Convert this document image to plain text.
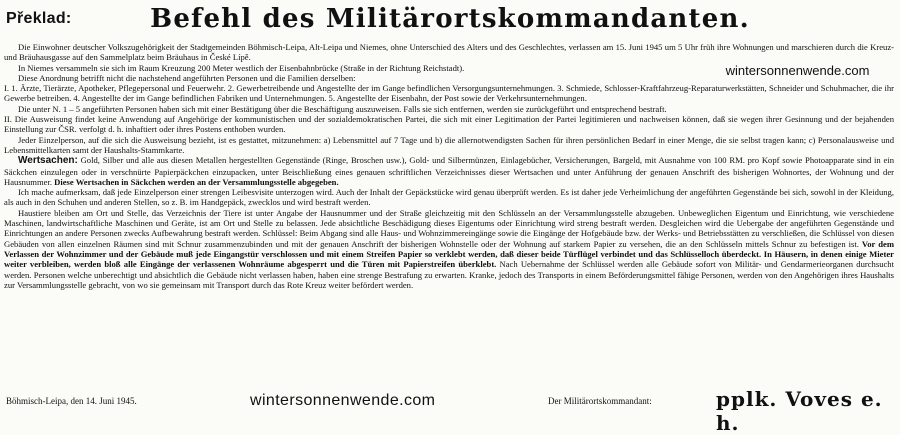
Překlad:	Befehl des Militärortskommandanten.

Die Einwohner deutscher Volkszugehörigkeit der Stadtgemeinden Böhmisch-Leipa, Alt-Leipa und Niemes, ohne Unterschied des Alters und des Geschlechtes, verlassen am 15. Juni 1945 um 5 Uhr früh ihre Wohnungen und marschieren durch die Kreuz- und Bräuhausgasse auf den Sammelplatz beim Bräuhaus in České Lípě.

In Niemes versammeln sie sich im Raum Kreuzung 200 Meter westlich der Eisenbahnbrücke (Straße in der Richtung Reichstadt).

Diese Anordnung betrifft nicht die nachstehend angeführten Personen und die Familien derselben:

I. 1. Ärzte, Tierärzte, Apotheker, Pflegepersonal und Feuerwehr. 2. Gewerbetreibende und Angestellte der im Gange befindlichen Versorgungsunternehmungen. 3. Schmiede, Schlosser-Kraftfahrzeug-Reparaturwerkstätten, Schneider und Schuhmacher, die ihr Gewerbe betreiben. 4. Angestellte der im Gange befindlichen Fabriken und Unternehmungen. 5. Angestellte der Eisenbahn, der Post sowie der Verkehrsunternehmungen.

Die unter N. 1 – 5 angeführten Personen haben sich mit einer Bestätigung über die Beschäftigung auszuweisen. Falls sie sich entfernen, werden sie zurückgeführt und entsprechend bestraft.

II. Die Ausweisung findet keine Anwendung auf Angehörige der kommunistischen und der sozialdemokratischen Partei, die sich mit einer Legitimation der Partei legitimieren und nachweisen können, daß sie wegen ihrer Gesinnung und der bejahenden Einstellung zur ČSR. verfolgt d. h. inhaftiert oder ihres Postens enthoben wurden.

Jeder Einzelperson, auf die sich die Ausweisung bezieht, ist es gestattet, mitzunehmen: a) Lebensmittel auf 7 Tage und b) die allernotwendigsten Sachen für ihren persönlichen Bedarf in einer Menge, die sie selbst tragen kann; c) Personalausweise und Lebensmittelkarten samt der Haushalts-Stammkarte.

Wertsachen: Gold, Silber und alle aus diesen Metallen hergestellten Gegenstände (Ringe, Broschen usw.), Gold- und Silbermünzen, Einlagebücher, Versicherungen, Bargeld, mit Ausnahme von 100 RM. pro Kopf sowie Photoapparate sind in ein Säckchen einzulegen oder in verschnürte Papierpäckchen einzupacken, unter Beischließung eines genauen schriftlichen Verzeichnisses dieser Wertsachen und unter Anführung der genauen Anschrift des bisherigen Wohnortes, der Wohnung und der Hausnummer. Diese Wertsachen in Säckchen werden an der Versammlungsstelle abgegeben.

Ich mache aufmerksam, daß jede Einzelperson einer strengen Leibesvisite unterzogen wird. Auch der Inhalt der Gepäckstücke wird genau überprüft werden. Es ist daher jede Verheimlichung der angeführten Gegenstände bei sich, sowohl in der Kleidung, als auch in den Schuhen und anderen Stellen, so z. B. im Handgepäck, zwecklos und wird bestraft werden.

Haustiere bleiben am Ort und Stelle, das Verzeichnis der Tiere ist unter Angabe der Hausnummer und der Straße gleichzeitig mit den Schlüsseln an der Versammlungsstelle abzugeben. Unbeweglichen Eigentum und Einrichtung, wie verschiedene Maschinen, landwirtschaftliche Maschinen und Geräte, ist am Ort und Stelle zu belassen. Jede absichtliche Beschädigung dieses Eigentums oder Einrichtung wird streng bestraft werden. Desgleichen wird die Uebergabe der angeführten Gegenstände und Einrichtungen an andere Personen zwecks Aufbewahrung bestraft werden. Schlüssel: Beim Abgang sind alle Haus- und Wohnzimmereingänge sowie die Eingänge der Hofgebäude bzw. der Werks- und Betriebsstätten zu verschließen, die Schlüssel von diesen Gebäuden von allen einzelnen Räumen sind mit Schnur zusammenzubinden und mit der genauen Anschrift der bisherigen Wohnstelle oder der Wohnung auf starkem Papier zu versehen, die an den Schlüsseln mittels Schnur zu befestigen ist. Vor dem Verlassen der Wohnzimmer und der Gebäude muß jede Eingangstür verschlossen und mit einem Streifen Papier so verklebt werden, daß dieser beide Türflügel verbindet und das Schlüsselloch überdeckt. In Häusern, in denen einige Mieter weiter verbleiben, werden bloß alle Eingänge der verlassenen Wohnräume abgesperrt und die Türen mit Papierstreifen überklebt. Nach Uebernahme der Schlüssel werden alle Gebäude sofort von Militär- und Gendarmerieorganen durchsucht werden. Personen welche unberechtigt und absichtlich die Gebäude nicht verlassen haben, haben eine strenge Bestrafung zu erwarten. Kranke, jedoch des Transports in einem Beförderungsmittel fähige Personen, werden von den Angehörigen ihres Haushalts zur Versammlungsstelle gebracht, von wo sie gemeinsam mit Transport durch das Rote Kreuz weiter befördert werden.

wintersonnenwende.com
Böhmisch-Leipa, den 14. Juni 1945.	wintersonnenwende.com	Der Militärortskommandant:	pplk. Voves e. h.
